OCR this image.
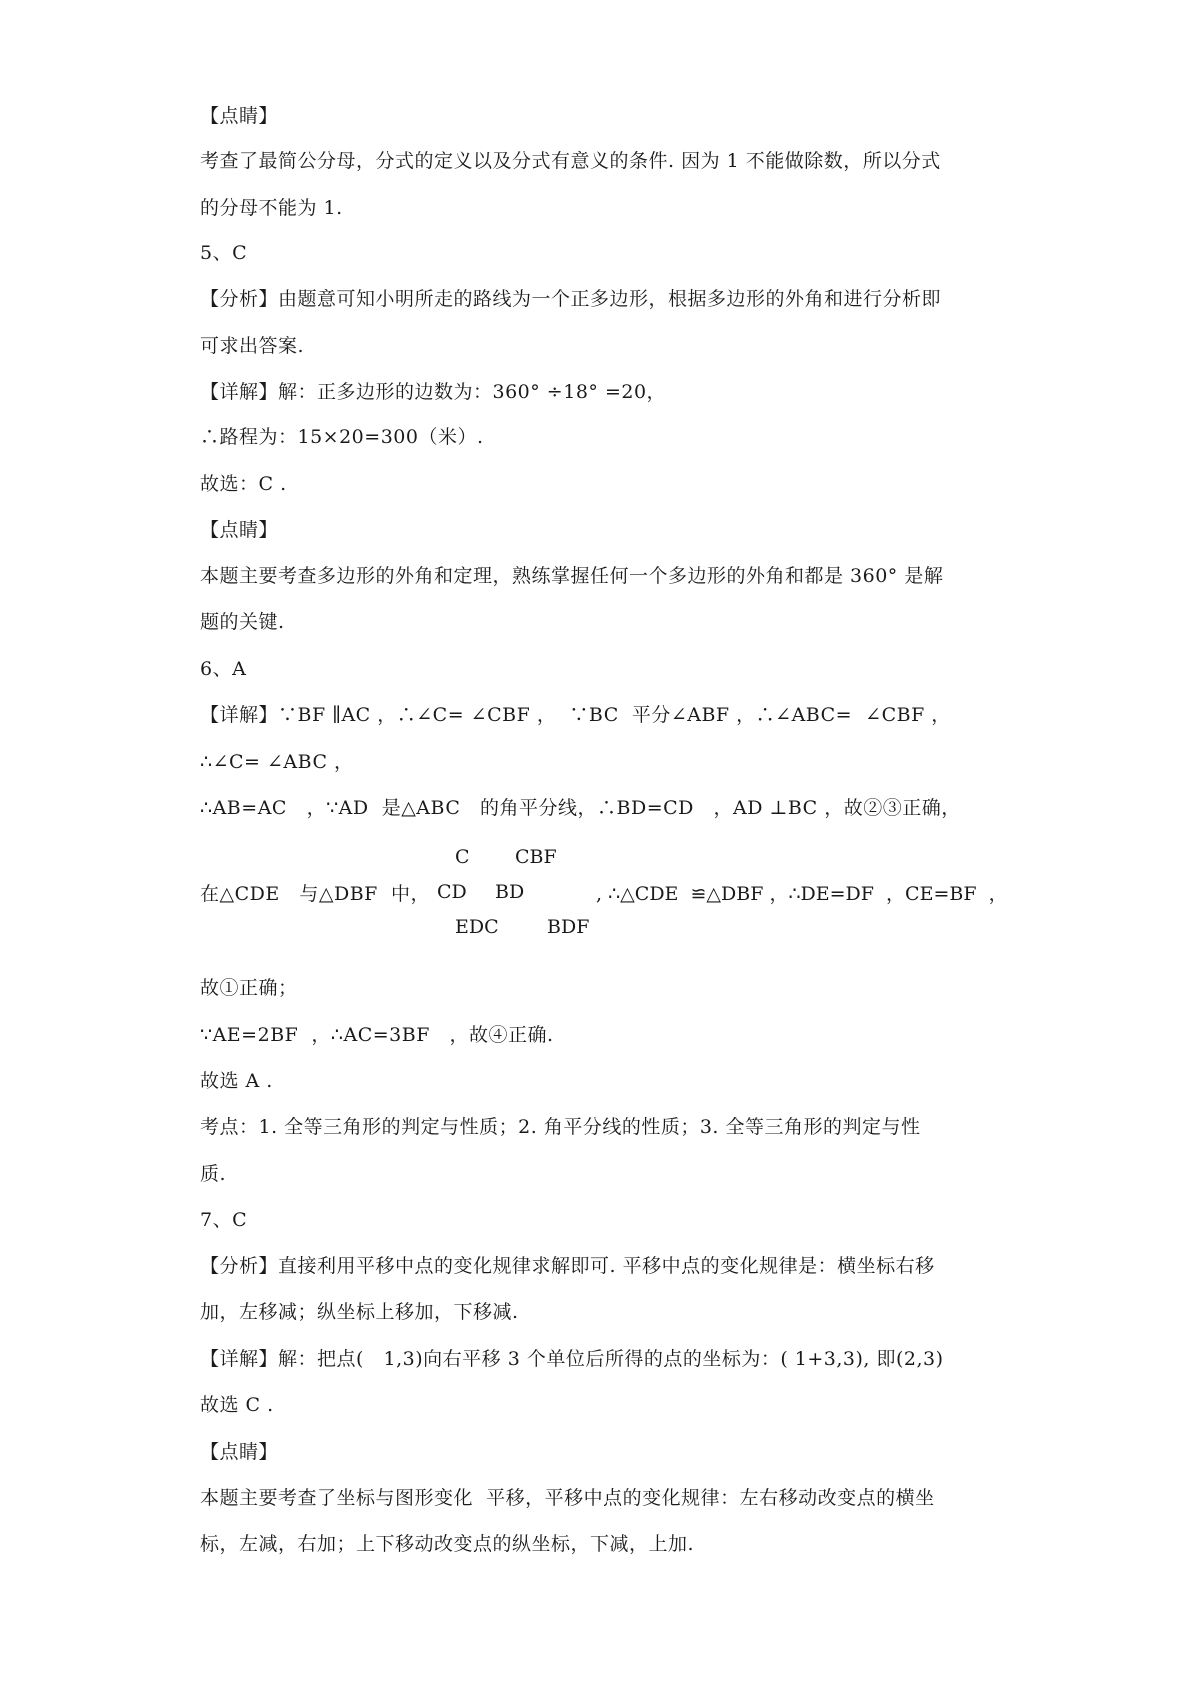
【点睛】
考查了最简公分母，分式的定义以及分式有意义的条件. 因为 1 不能做除数，所以分式
的分母不能为 1.
5、C
【分析】由题意可知小明所走的路线为一个正多边形，根据多边形的外角和进行分析即
可求出答案.
【详解】解：正多边形的边数为：360° ÷18° =20，
∴路程为：15×20=300（米）.
故选：C .
【点睛】
本题主要考查多边形的外角和定理，熟练掌握任何一个多边形的外角和都是 360° 是解
题的关键.
6、A
【详解】∵BF ∥AC ，∴∠C= ∠CBF ，  ∵BC  平分∠ABF ，∴∠ABC=  ∠CBF ，
∴∠C= ∠ABC ，
∴AB=AC   ，∵AD  是△ABC   的角平分线，∴BD=CD   ，AD ⊥BC ，故②③正确，
C CBF
在△CDE   与△DBF  中， CD BD	, ∴△CDE  ≌△DBF ，∴DE=DF  ，CE=BF  ，
EDC	BDF
故①正确；
∵AE=2BF  ，∴AC=3BF   ，故④正确.
故选 A .
考点：1. 全等三角形的判定与性质；2. 角平分线的性质；3. 全等三角形的判定与性
质.
7、C
【分析】直接利用平移中点的变化规律求解即可. 平移中点的变化规律是：横坐标右移
加，左移减；纵坐标上移加，下移减.
【详解】解：把点(   1,3)向右平移 3 个单位后所得的点的坐标为：( 1+3,3), 即(2,3)
故选 C .
【点睛】
本题主要考查了坐标与图形变化  平移，平移中点的变化规律：左右移动改变点的横坐
标，左减，右加；上下移动改变点的纵坐标，下减，上加.
